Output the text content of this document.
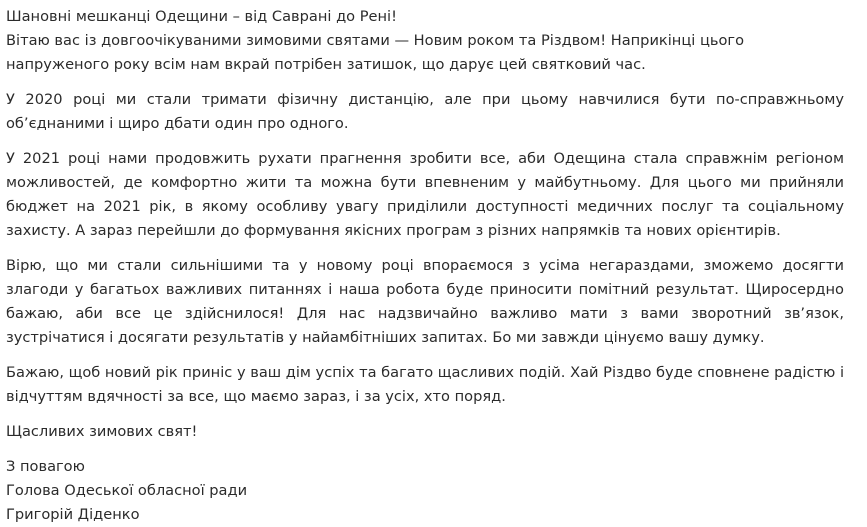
Шановні мешканці Одещини – від Саврані до Рені!
Вітаю вас із довгоочікуваними зимовими святами — Новим роком та Різдвом! Наприкінці цього напруженого року всім нам вкрай потрібен затишок, що дарує цей святковий час.

У 2020 році ми стали тримати фізичну дистанцію, але при цьому навчилися бути по-справжньому об’єднаними і щиро дбати один про одного.

У 2021 році нами продовжить рухати прагнення зробити все, аби Одещина стала справжнім регіоном можливостей, де комфортно жити та можна бути впевненим у майбутньому. Для цього ми прийняли бюджет на 2021 рік, в якому особливу увагу приділили доступності медичних послуг та соціальному захисту. А зараз перейшли до формування якісних програм з різних напрямків та нових орієнтирів.

Вірю, що ми стали сильнішими та у новому році впораємося з усіма негараздами, зможемо досягти злагоди у багатьох важливих питаннях і наша робота буде приносити помітний результат. Щиросердно бажаю, аби все це здійснилося! Для нас надзвичайно важливо мати з вами зворотний зв’язок, зустрічатися і досягати результатів у найамбітніших запитах. Бо ми завжди цінуємо вашу думку.

Бажаю, щоб новий рік приніс у ваш дім успіх та багато щасливих подій. Хай Різдво буде сповнене радістю і відчуттям вдячності за все, що маємо зараз, і за усіх, хто поряд.

Щасливих зимових свят!

З повагою
Голова Одеської обласної ради
Григорій Діденко
